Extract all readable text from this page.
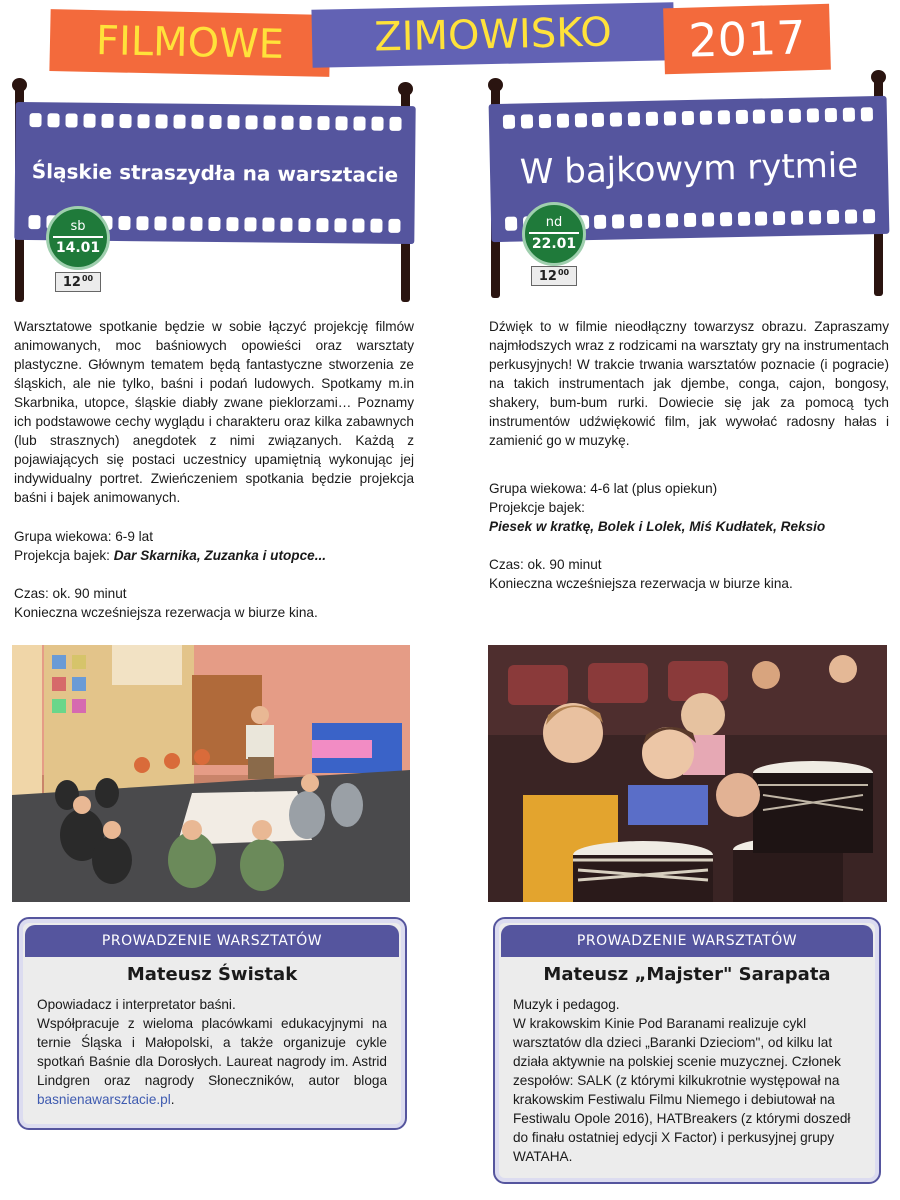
FILMOWE	ZIMOWISKO	2017
Śląskie straszydła na warsztacie
sb
14.01
12 00
W bajkowym rytmie
nd
22.01
12 00
Warsztatowe spotkanie będzie w sobie łączyć projekcję filmów animowanych, moc baśniowych opowieści oraz warsztaty plastyczne. Głównym tematem będą fantastyczne stworzenia ze śląskich, ale nie tylko, baśni i podań ludowych. Spotkamy m.in Skarbnika, utopce, śląskie diabły zwane pieklorzami… Poznamy ich podstawowe cechy wyglądu i charakteru oraz kilka zabawnych (lub strasznych) anegdotek z nimi związanych. Każdą z pojawiających się postaci uczestnicy upamiętnią wykonując jej indywidualny portret. Zwieńczeniem spotkania będzie projekcja baśni i bajek animowanych.

Grupa wiekowa: 6-9 lat

Projekcja bajek: Dar Skarnika, Zuzanka i utopce...

Czas: ok. 90 minut

Konieczna wcześniejsza rezerwacja w biurze kina.

Dźwięk to w filmie nieodłączny towarzysz obrazu. Zapraszamy najmłodszych wraz z rodzicami na warsztaty gry na instrumentach perkusyjnych! W trakcie trwania warsztatów poznacie (i pogracie) na takich instrumentach jak djembe, conga, cajon, bongosy, shakery, bum-bum rurki. Dowiecie się jak za pomocą tych instrumentów udźwiękowić film, jak wywołać radosny hałas i zamienić go w muzykę.

Grupa wiekowa: 4-6 lat (plus opiekun)

Projekcje bajek:

Piesek w kratkę, Bolek i Lolek, Miś Kudłatek, Reksio

Czas: ok. 90 minut

Konieczna wcześniejsza rezerwacja w biurze kina.

PROWADZENIE WARSZTATÓW
Mateusz Świstak
Opowiadacz i interpretator baśni.
Współpracuje z wieloma placówkami edukacyjnymi na ternie Śląska i Małopolski, a także organizuje cykle spotkań Baśnie dla Dorosłych. Laureat nagrody im. Astrid Lindgren oraz nagrody Słoneczników, autor bloga basnienawarsztacie.pl.
PROWADZENIE WARSZTATÓW
Mateusz „Majster" Sarapata
Muzyk i pedagog.
W krakowskim Kinie Pod Baranami realizuje cykl warsztatów dla dzieci „Baranki Dzieciom", od kilku lat działa aktywnie na polskiej scenie muzycznej. Członek zespołów: SALK (z którymi kilkukrotnie występował na krakowskim Festiwalu Filmu Niemego i debiutował na Festiwalu Opole 2016), HATBreakers (z którymi doszedł do finału ostatniej edycji X Factor) i perkusyjnej grupy WATAHA.
